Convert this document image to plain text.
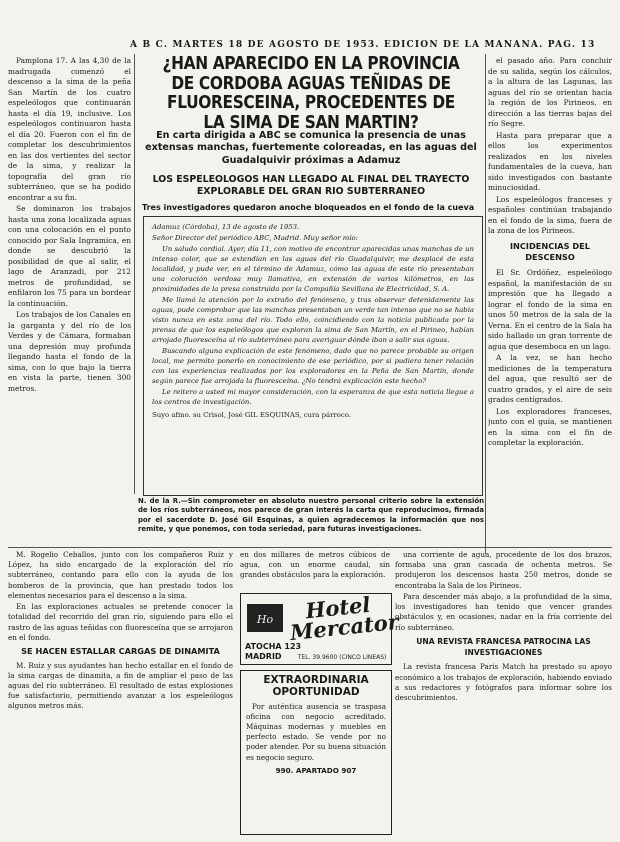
A B C. MARTES 18 DE AGOSTO DE 1953. EDICION DE LA MAÑANA. PAG. 13

Pamplona 17. A las 4,30 de la madrugada comenzó el descenso a la sima de la peña San Martín de los cuatro espeleólogos que continuarán hasta el día 19, inclusive. Los espeleólogos continuaron hasta el día 20. Fueron con el fin de completar los descubrimientos en las dos vertientes del sector de la sima, y realizar la topografía del gran río subterráneo, que se ha podido encontrar a su fin.

Se dominaron los trabajos hasta una zona localizada aguas con una colocación en el punto conocido por Sala Ingramica, en donde se descubrió la posibilidad de que al salir, el lago de Aranzadi, por 212 metros de profundidad, se enfilaron los 75 para un bordear la continuación.

Los trabajos de los Canales en la garganta y del río de los Verdes y de Cámara, formaban una depresión muy profunda llegando hasta el fondo de la sima, con lo que bajo la tierra en vista la parte, tienen 300 metros.

¿HAN APARECIDO EN LA PROVINCIA DE CORDOBA AGUAS TEÑIDAS DE FLUORESCEINA, PROCEDENTES DE LA SIMA DE SAN MARTIN?
En carta dirigida a ABC se comunica la presencia de unas extensas manchas, fuertemente coloreadas, en las aguas del Guadalquivir próximas a Adamuz
LOS ESPELEOLOGOS HAN LLEGADO AL FINAL DEL TRAYECTO EXPLORABLE DEL GRAN RIO SUBTERRANEO
Tres investigadores quedaron anoche bloqueados en el fondo de la cueva
Adamuz (Córdoba), 13 de agosto de 1953.
Señor Director del periódico ABC, Madrid. Muy señor mío:

Un saludo cordial. Ayer, día 11, con motivo de encontrar aparecidas unas manchas de un intenso color, que se extendían en las aguas del río Guadalquivir, me desplacé de esta localidad, y pude ver, en el término de Adamuz, cómo las aguas de este río presentaban una coloración verdosa muy llamativa, en extensión de varios kilómetros, en las proximidades de la presa construida por la Compañía Sevillana de Electricidad, S. A.

Me llamó la atención por lo extraño del fenómeno, y tras observar detenidamente las aguas, pude comprobar que las manchas presentaban un verde tan intenso que no se había visto nunca en esta zona del río. Todo ello, coincidiendo con la noticia publicada por la prensa de que los espeleólogos que exploran la sima de San Martín, en el Pirineo, habían arrojado fluoresceína al río subterráneo para averiguar dónde iban a salir sus aguas.

Buscando alguna explicación de este fenómeno, dado que no parece probable su origen local, me permito ponerlo en conocimiento de ese periódico, por si pudiera tener relación con las experiencias realizadas por los exploradores en la Peña de San Martín, donde según parece fue arrojada la fluoresceína. ¿No tendrá explicación este hecho?

Le reitero a usted mi mayor consideración, con la esperanza de que esta noticia llegue a los centros de investigación.

Suyo afmo. su Crisol, José GIL ESQUINAS, cura párroco.
N. de la R.—Sin comprometer en absoluto nuestro personal criterio sobre la extensión de los ríos subterráneos, nos parece de gran interés la carta que reproducimos, firmada por el sacerdote D. José Gil Esquinas, a quien agradecemos la información que nos remite, y que ponemos, con toda seriedad, para futuras investigaciones.

el pasado año. Para concluir de su salida, según los cálculos, a la altura de las Lagunas, las aguas del río se orientan hacia la región de los Pirineos, en dirección a las tierras bajas del río Segre.

Hasta para preparar que a ellos los experimentos realizados en los niveles fundamentales de la cueva, han sido investigados con bastante minuciosidad.

Los espeleólogos franceses y españoles continúan trabajando en el fondo de la sima, fuera de la zona de los Pirineos.

INCIDENCIAS DEL DESCENSO

El Sr. Ordóñez, espeleólogo español, la manifestación de su impresión que ha llegado a lograr el fondo de la sima en unos 50 metros de la sala de la Verna. En el centro de la Sala ha sido hallado un gran torrente de agua que desemboca en un lago.

A la vez, se han hecho mediciones de la temperatura del agua, que resultó ser de cuatro grados, y el aire de seis grados centígrados.

Los exploradores franceses, junto con el guía, se mantienen en la sima con el fin de completar la exploración.

M. Rogelio Ceballos, junto con los compañeros Ruiz y López, ha sido encargado de la exploración del río subterráneo, contando para ello con la ayuda de los bomberos de la provincia, que han prestado todos los elementos necesarios para el descenso a la sima.

En las exploraciones actuales se pretende conocer la totalidad del recorrido del gran río, siguiendo para ello el rastro de las aguas teñidas con fluoresceína que se arrojaron en el fondo.

SE HACEN ESTALLAR CARGAS DE DINAMITA

M. Ruiz y sus ayudantes han hecho estallar en el fondo de la sima cargas de dinamita, a fin de ampliar el paso de las aguas del río subterráneo. El resultado de estas explosiones fue satisfactorio, permitiendo avanzar a los espeleólogos algunos metros más.

en dos millares de metros cúbicos de agua, con un enorme caudal, sin grandes obstáculos para la exploración.
Ho	Hotel Mercator
ATOCHA 123
MADRID	TEL. 39.9600 (CINCO LINEAS)
EXTRAORDINARIA OPORTUNIDAD
Por auténtica ausencia se traspasa oficina con negocio acreditado. Máquinas modernas y muebles en perfecto estado. Se vende por no poder atender. Por su buena situación es negocio seguro.
990. APARTADO 907

una corriente de agua, procedente de los dos brazos, formaba una gran cascada de ochenta metros. Se produjeron los descensos hasta 250 metros, donde se encontraba la Sala de los Pirineos.

Para descender más abajo, a la profundidad de la sima, los investigadores han tenido que vencer grandes obstáculos y, en ocasiones, nadar en la fría corriente del río subterráneo.

UNA REVISTA FRANCESA PATROCINA LAS INVESTIGACIONES

La revista francesa Paris Match ha prestado su apoyo económico a los trabajos de exploración, habiendo enviado a sus redactores y fotógrafos para informar sobre los descubrimientos.
